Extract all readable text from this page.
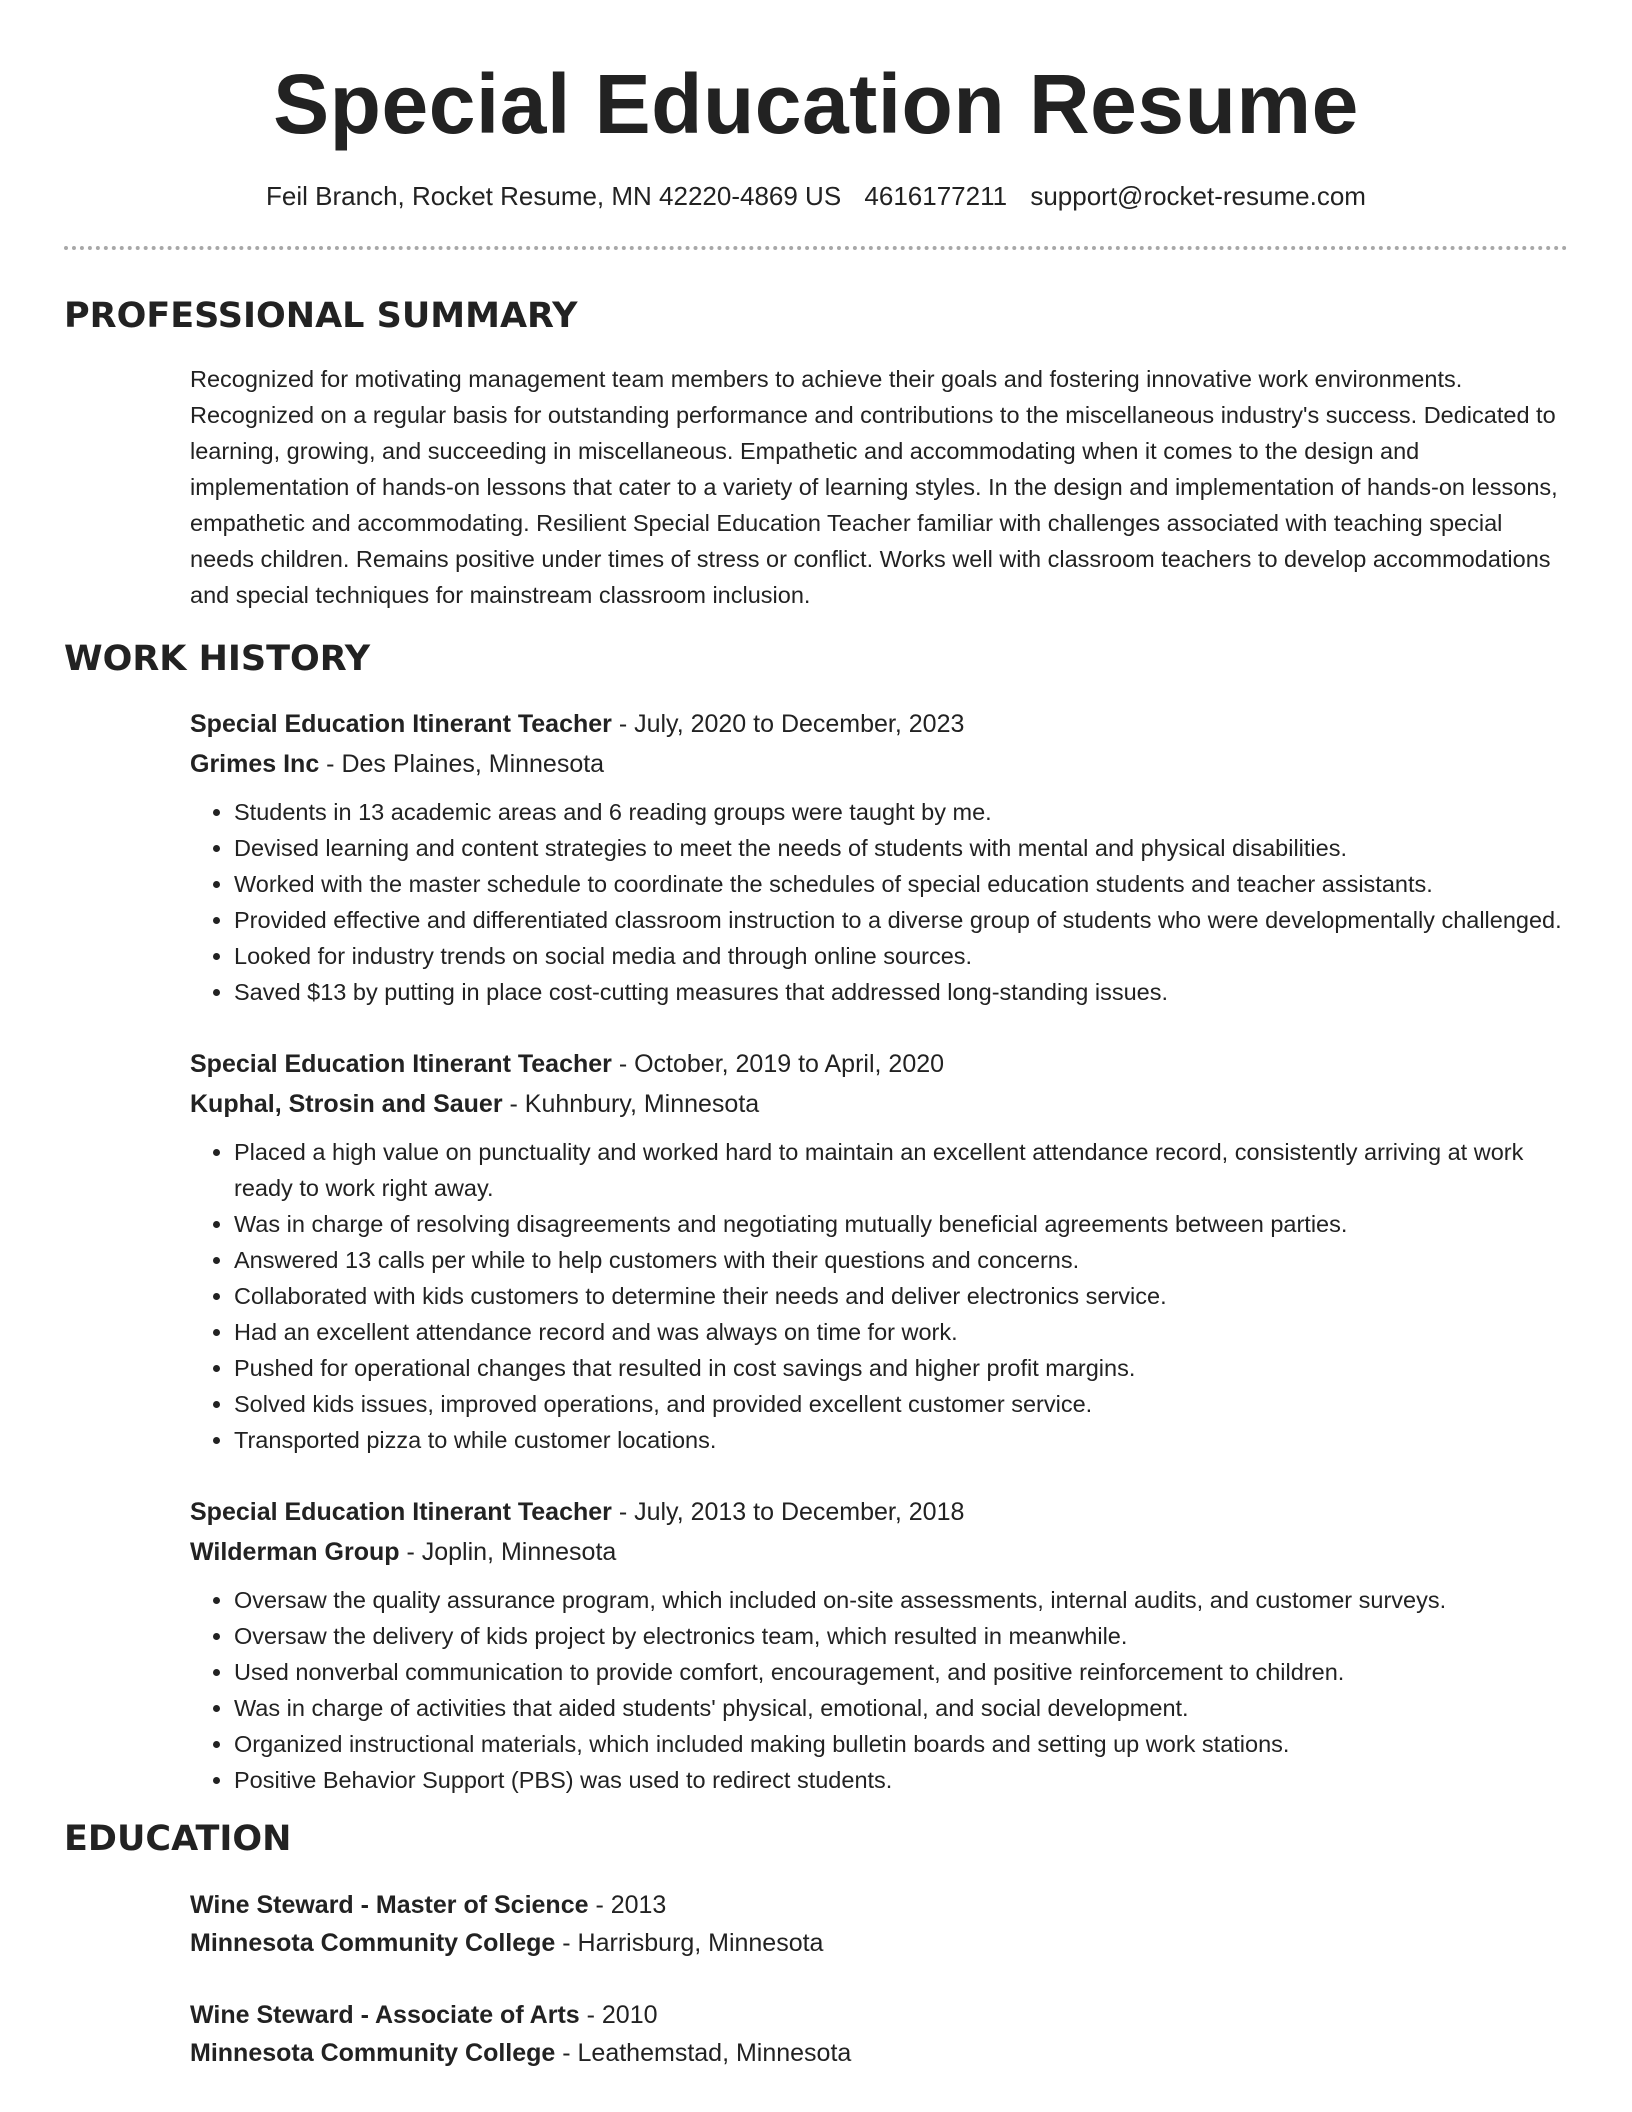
Special Education Resume
Feil Branch, Rocket Resume, MN 42220-4869 US 4616177211 support@rocket-resume.com
PROFESSIONAL SUMMARY
Recognized for motivating management team members to achieve their goals and fostering innovative work environments. Recognized on a regular basis for outstanding performance and contributions to the miscellaneous industry's success. Dedicated to learning, growing, and succeeding in miscellaneous. Empathetic and accommodating when it comes to the design and implementation of hands-on lessons that cater to a variety of learning styles. In the design and implementation of hands-on lessons, empathetic and accommodating. Resilient Special Education Teacher familiar with challenges associated with teaching special needs children. Remains positive under times of stress or conflict. Works well with classroom teachers to develop accommodations and special techniques for mainstream classroom inclusion.
WORK HISTORY
Special Education Itinerant Teacher - July, 2020 to December, 2023
Grimes Inc - Des Plaines, Minnesota
• Students in 13 academic areas and 6 reading groups were taught by me.
• Devised learning and content strategies to meet the needs of students with mental and physical disabilities.
• Worked with the master schedule to coordinate the schedules of special education students and teacher assistants.
• Provided effective and differentiated classroom instruction to a diverse group of students who were developmentally challenged.
• Looked for industry trends on social media and through online sources.
• Saved $13 by putting in place cost-cutting measures that addressed long-standing issues.
Special Education Itinerant Teacher - October, 2019 to April, 2020
Kuphal, Strosin and Sauer - Kuhnbury, Minnesota
• Placed a high value on punctuality and worked hard to maintain an excellent attendance record, consistently arriving at work ready to work right away.
• Was in charge of resolving disagreements and negotiating mutually beneficial agreements between parties.
• Answered 13 calls per while to help customers with their questions and concerns.
• Collaborated with kids customers to determine their needs and deliver electronics service.
• Had an excellent attendance record and was always on time for work.
• Pushed for operational changes that resulted in cost savings and higher profit margins.
• Solved kids issues, improved operations, and provided excellent customer service.
• Transported pizza to while customer locations.
Special Education Itinerant Teacher - July, 2013 to December, 2018
Wilderman Group - Joplin, Minnesota
• Oversaw the quality assurance program, which included on-site assessments, internal audits, and customer surveys.
• Oversaw the delivery of kids project by electronics team, which resulted in meanwhile.
• Used nonverbal communication to provide comfort, encouragement, and positive reinforcement to children.
• Was in charge of activities that aided students' physical, emotional, and social development.
• Organized instructional materials, which included making bulletin boards and setting up work stations.
• Positive Behavior Support (PBS) was used to redirect students.
EDUCATION
Wine Steward - Master of Science - 2013
Minnesota Community College - Harrisburg, Minnesota
Wine Steward - Associate of Arts - 2010
Minnesota Community College - Leathemstad, Minnesota
